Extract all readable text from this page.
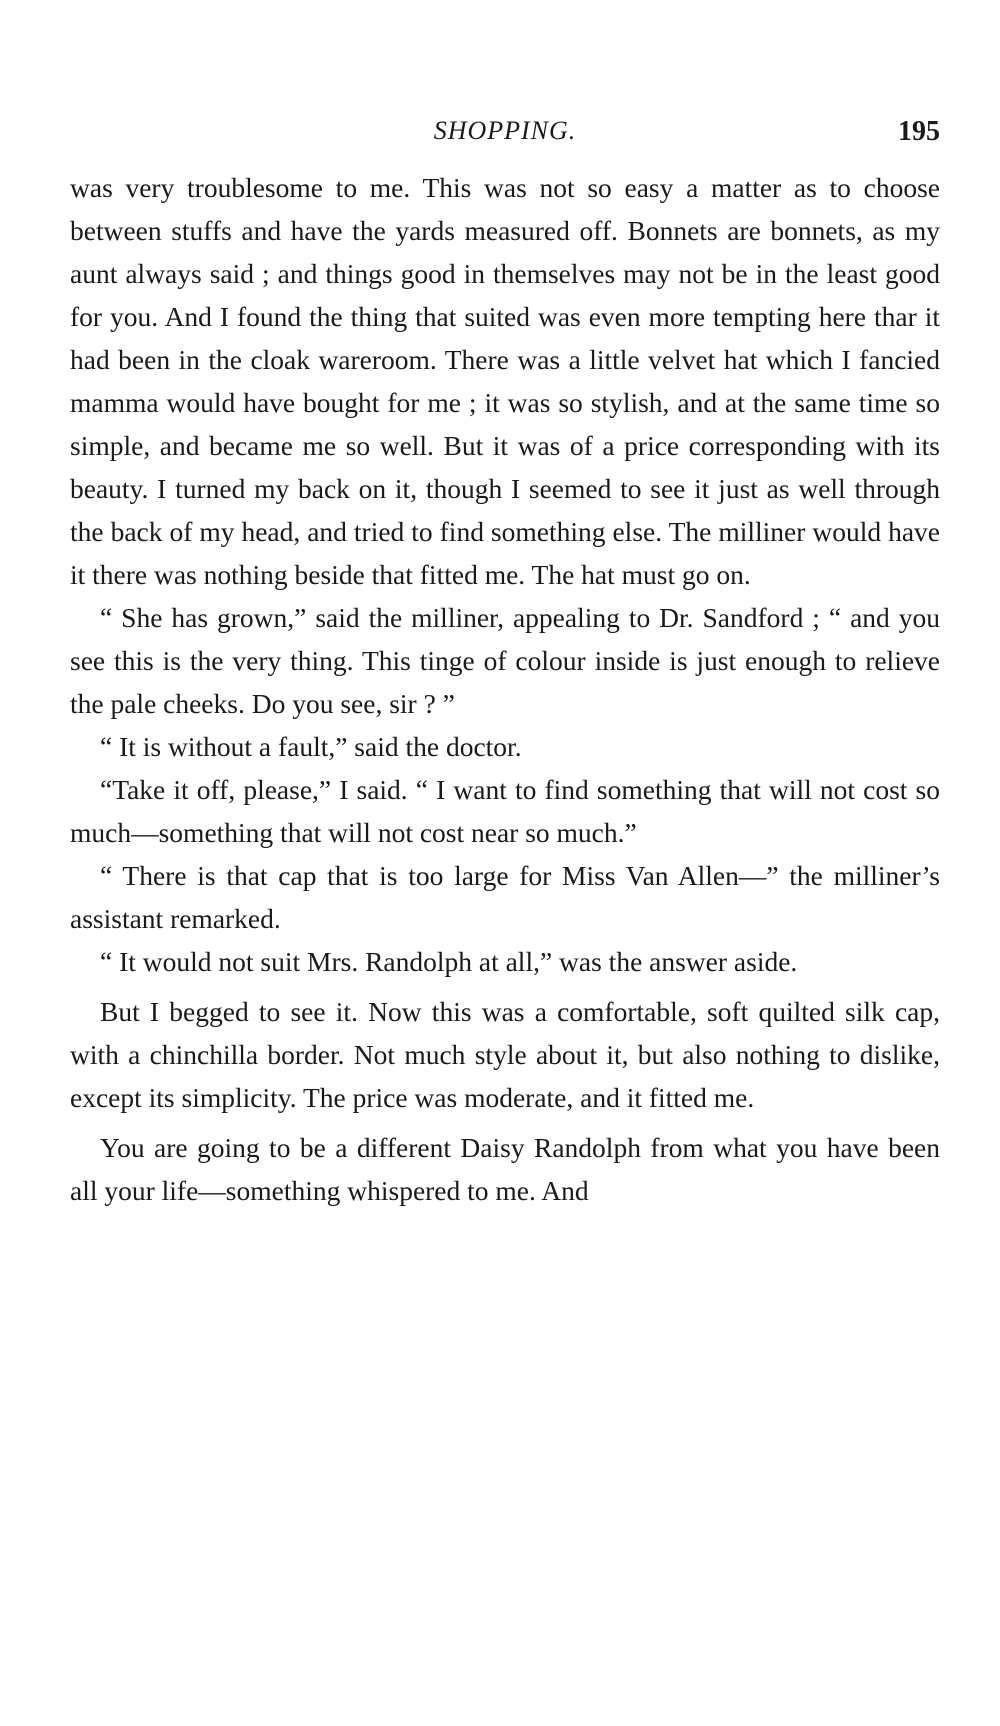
SHOPPING.	195

was very troublesome to me. This was not so easy a matter as to choose between stuffs and have the yards measured off. Bonnets are bonnets, as my aunt always said ; and things good in themselves may not be in the least good for you. And I found the thing that suited was even more tempting here thar it had been in the cloak wareroom. There was a little velvet hat which I fancied mamma would have bought for me ; it was so stylish, and at the same time so simple, and became me so well. But it was of a price corresponding with its beauty. I turned my back on it, though I seemed to see it just as well through the back of my head, and tried to find something else. The milliner would have it there was nothing beside that fitted me. The hat must go on.

“ She has grown,” said the milliner, appealing to Dr. Sandford ; “ and you see this is the very thing. This tinge of colour inside is just enough to relieve the pale cheeks. Do you see, sir ? ”

“ It is without a fault,” said the doctor.

“Take it off, please,” I said. “ I want to find something that will not cost so much—something that will not cost near so much.”

“ There is that cap that is too large for Miss Van Allen—” the milliner’s assistant remarked.

“ It would not suit Mrs. Randolph at all,” was the answer aside.

But I begged to see it. Now this was a comfortable, soft quilted silk cap, with a chinchilla border. Not much style about it, but also nothing to dislike, except its simplicity. The price was moderate, and it fitted me.

You are going to be a different Daisy Randolph from what you have been all your life—something whispered to me. And
